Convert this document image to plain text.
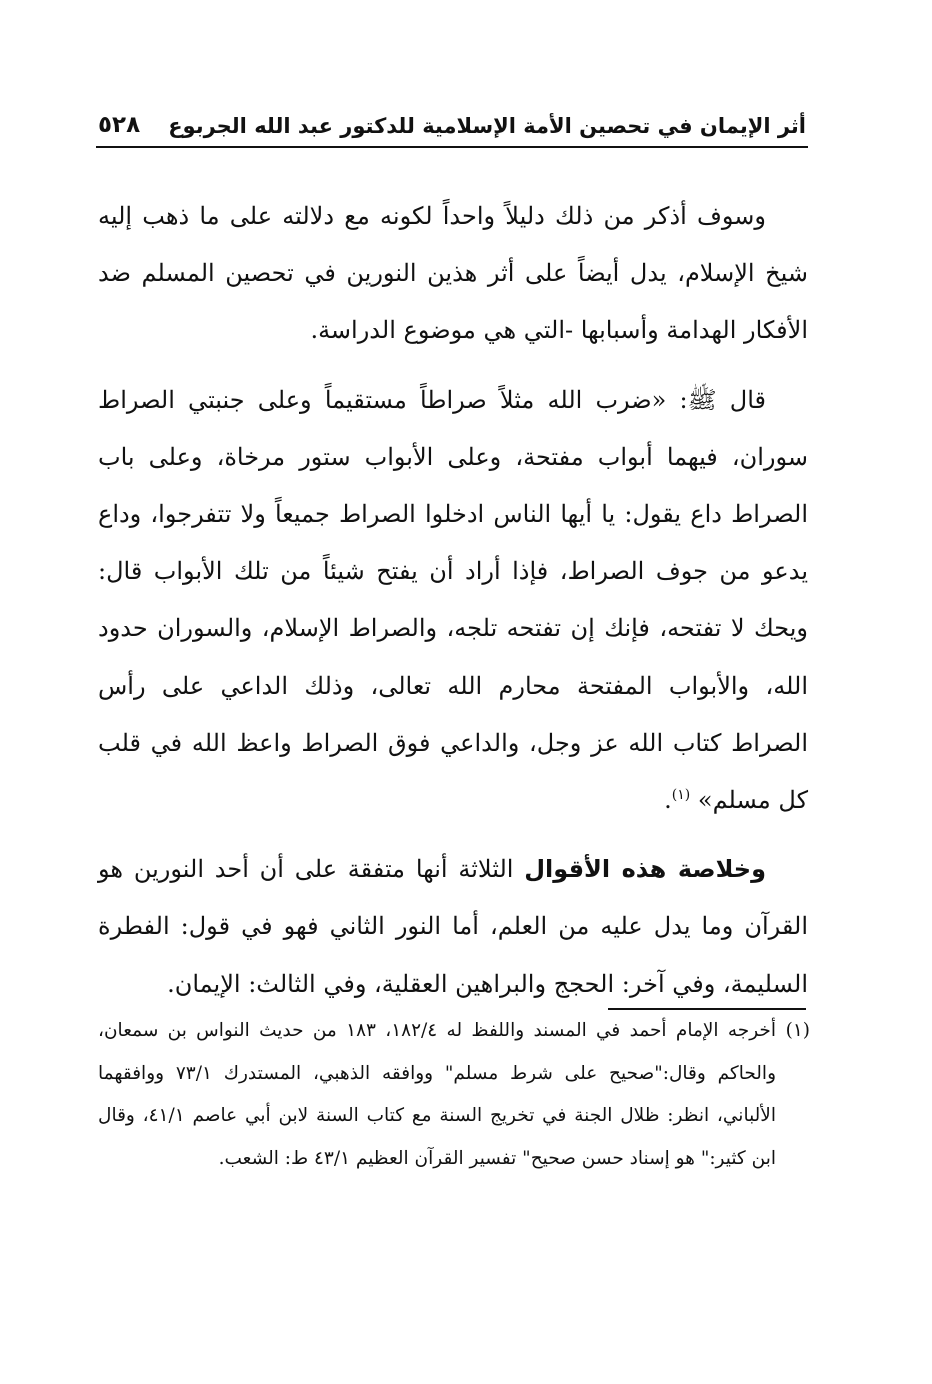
أثر الإيمان في تحصين الأمة الإسلامية للدكتور عبد الله الجربوع
٥٢٨

وسوف أذكر من ذلك دليلاً واحداً لكونه مع دلالته على ما ذهب إليه شيخ الإسلام، يدل أيضاً على أثر هذين النورين في تحصين المسلم ضد الأفكار الهدامة وأسبابها -التي هي موضوع الدراسة.

قال ﷺ: «ضرب الله مثلاً صراطاً مستقيماً وعلى جنبتي الصراط سوران، فيهما أبواب مفتحة، وعلى الأبواب ستور مرخاة، وعلى باب الصراط داع يقول: يا أيها الناس ادخلوا الصراط جميعاً ولا تتفرجوا، وداع يدعو من جوف الصراط، فإذا أراد أن يفتح شيئاً من تلك الأبواب قال: ويحك لا تفتحه، فإنك إن تفتحه تلجه، والصراط الإسلام، والسوران حدود الله، والأبواب المفتحة محارم الله تعالى، وذلك الداعي على رأس الصراط كتاب الله عز وجل، والداعي فوق الصراط واعظ الله في قلب كل مسلم» $^{(١)}$.

وخلاصة هذه الأقوال الثلاثة أنها متفقة على أن أحد النورين هو القرآن وما يدل عليه من العلم، أما النور الثاني فهو في قول: الفطرة السليمة، وفي آخر: الحجج والبراهين العقلية، وفي الثالث: الإيمان.

(١)
أخرجه الإمام أحمد في المسند واللفظ له ١٨٢/٤، ١٨٣ من حديث النواس بن سمعان، والحاكم وقال:"صحيح على شرط مسلم" ووافقه الذهبي، المستدرك ٧٣/١ ووافقهما الألباني، انظر: ظلال الجنة في تخريج السنة مع كتاب السنة لابن أبي عاصم ٤١/١، وقال ابن كثير:" هو إسناد حسن صحيح" تفسير القرآن العظيم ٤٣/١ ط: الشعب.
